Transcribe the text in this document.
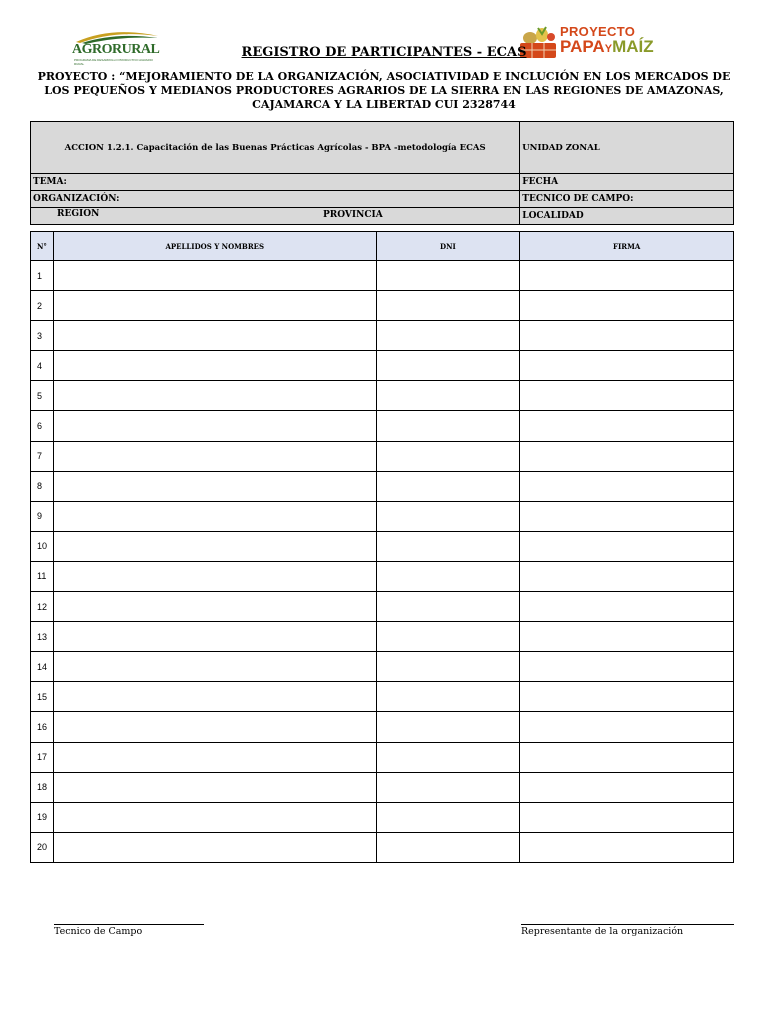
AGRORURAL
PROGRAMA DE DESARROLLO PRODUCTIVO AGRARIO RURAL
PROYECTO
PAPAYMAÍZ
REGISTRO DE PARTICIPANTES - ECAS
PROYECTO : “MEJORAMIENTO DE LA ORGANIZACIÓN, ASOCIATIVIDAD E INCLUCIÓN EN LOS MERCADOS DE LOS PEQUEÑOS Y MEDIANOS PRODUCTORES AGRARIOS DE LA SIERRA EN LAS REGIONES DE AMAZONAS, CAJAMARCA Y LA LIBERTAD CUI 2328744
ACCION 1.2.1. Capacitación de las Buenas Prácticas Agrícolas - BPA -metodología ECAS	UNIDAD ZONAL
TEMA:	FECHA
ORGANIZACIÓN:	TECNICO DE CAMPO:

REGION PROVINCIA	LOCALIDAD
N°	APELLIDOS Y NOMBRES	DNI	FIRMA
1			
2			
3			
4			
5			
6			
7			
8			
9			
10			
11			
12			
13			
14			
15			
16			
17			
18			
19			
20			
Tecnico de Campo	Representante de la organización
